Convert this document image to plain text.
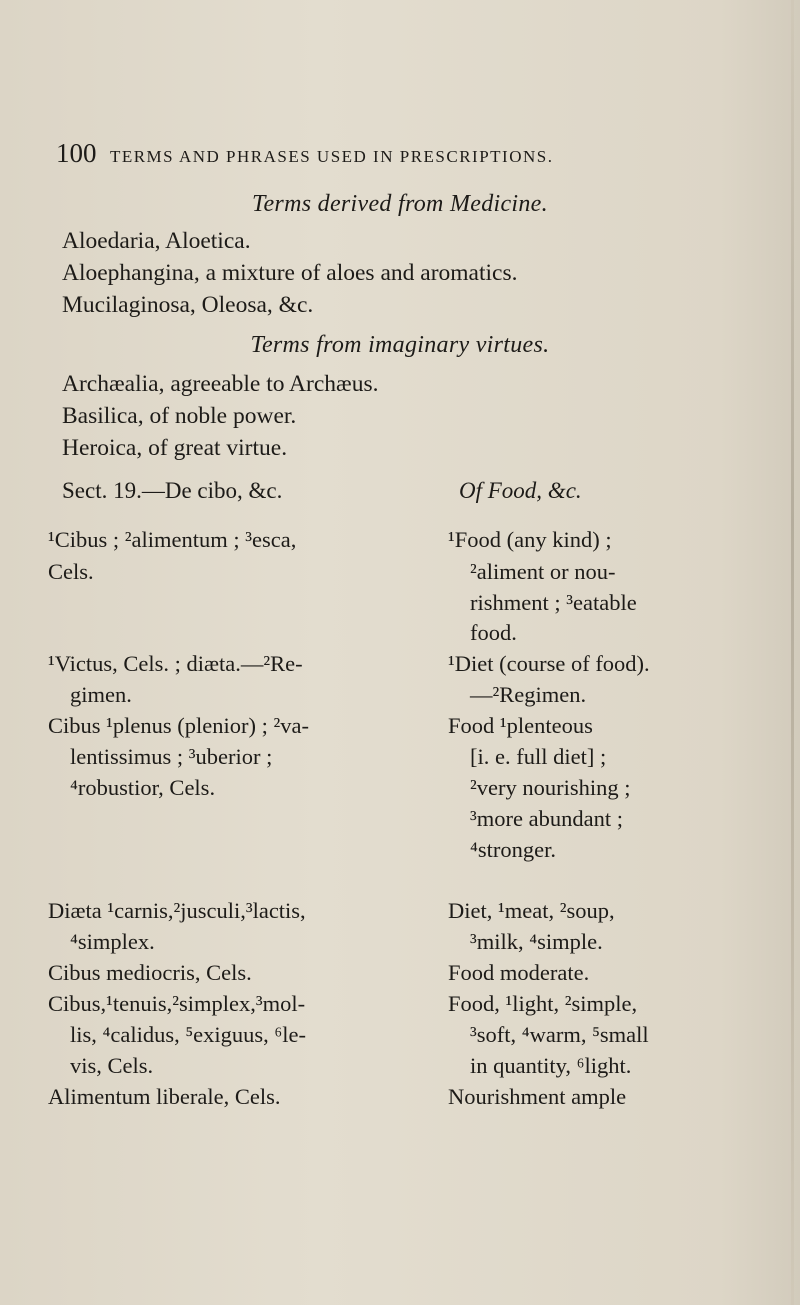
100 TERMS AND PHRASES USED IN PRESCRIPTIONS.
Terms derived from Medicine.
Aloedaria, Aloetica.
Aloephangina, a mixture of aloes and aromatics.
Mucilaginosa, Oleosa, &c.
Terms from imaginary virtues.
Archæalia, agreeable to Archæus.
Basilica, of noble power.
Heroica, of great virtue.
Sect. 19.—De cibo, &c.	Of Food, &c.
¹Cibus ; ²alimentum ; ³esca,
Cels.
¹Victus, Cels. ; diæta.—²Re-
gimen.
Cibus ¹plenus (plenior) ; ²va-
lentissimus ; ³uberior ;
⁴robustior, Cels.
Diæta ¹carnis,²jusculi,³lactis,
⁴simplex.
Cibus mediocris, Cels.
Cibus,¹tenuis,²simplex,³mol-
lis, ⁴calidus, ⁵exiguus, ⁶le-
vis, Cels.
Alimentum liberale, Cels.
¹Food (any kind) ;
²aliment or nou-
rishment ; ³eatable
food.
¹Diet (course of food).
—²Regimen.
Food ¹plenteous
[i. e. full diet] ;
²very nourishing ;
³more abundant ;
⁴stronger.
Diet, ¹meat, ²soup,
³milk, ⁴simple.
Food moderate.
Food, ¹light, ²simple,
³soft, ⁴warm, ⁵small
in quantity, ⁶light.
Nourishment ample
